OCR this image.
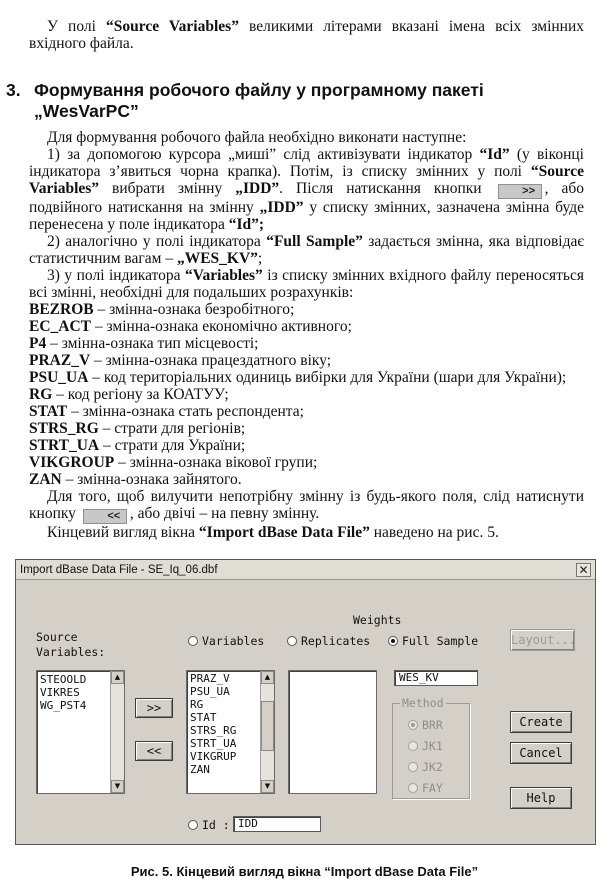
У полі “Source Variables” великими літерами вказані імена всіх змінних вхідного файла.

3. Формування робочого файлу у програмному пакеті
„WesVarPC”

Для формування робочого файла необхідно виконати наступне:

1) за допомогою курсора „миші” слід активізувати індикатор “Id” (у віконці індикатора з’явиться чорна крапка). Потім, із списку змінних у полі “Source Variables” вибрати змінну „IDD”. Після натискання кнопки	>> , або подвійного натискання на змінну „IDD” у списку змінних, зазначена змінна буде перенесена у поле індикатора “Id”;

2) аналогічно у полі індикатора “Full Sample” задається змінна, яка відповідає статистичним вагам – „WES_KV”;

3) у полі індикатора “Variables” із списку змінних вхідного файлу переносяться всі змінні, необхідні для подальших розрахунків:

BEZROB – змінна-ознака безробітного;

EC_ACT – змінна-ознака економічно активного;

P4 – змінна-ознака тип місцевості;

PRAZ_V – змінна-ознака працездатного віку;

PSU_UA – код територіальних одиниць вибірки для України (шари для України);

RG – код регіону за КОАТУУ;

STAT – змінна-ознака стать респондента;

STRS_RG – страти для регіонів;

STRT_UA – страти для України;

VIKGROUP – змінна-ознака вікової групи;

ZAN – змінна-ознака зайнятого.

Для того, щоб вилучити непотрібну змінну із будь-якого поля, слід натиснути кнопку	<< , або двічі – на певну змінну.

Кінцевий вигляд вікна “Import dBase Data File” наведено на рис. 5.

Import dBase Data File - SE_Iq_06.dbf	✕
Weights
Source
Variables:
Variables	Replicates	Full Sample	Layout...
STEOOLD
VIKRES
WG_PST4
▲
▼
>>
<<
PRAZ_V
PSU_UA
RG
STAT
STRS_RG
STRT_UA
VIKGRUP
ZAN
▲
▼
WES_KV
Method
BRR
JK1
JK2
FAY
Create
Cancel
Help
Id : IDD
Рис. 5. Кінцевий вигляд вікна “Import dBase Data File”
